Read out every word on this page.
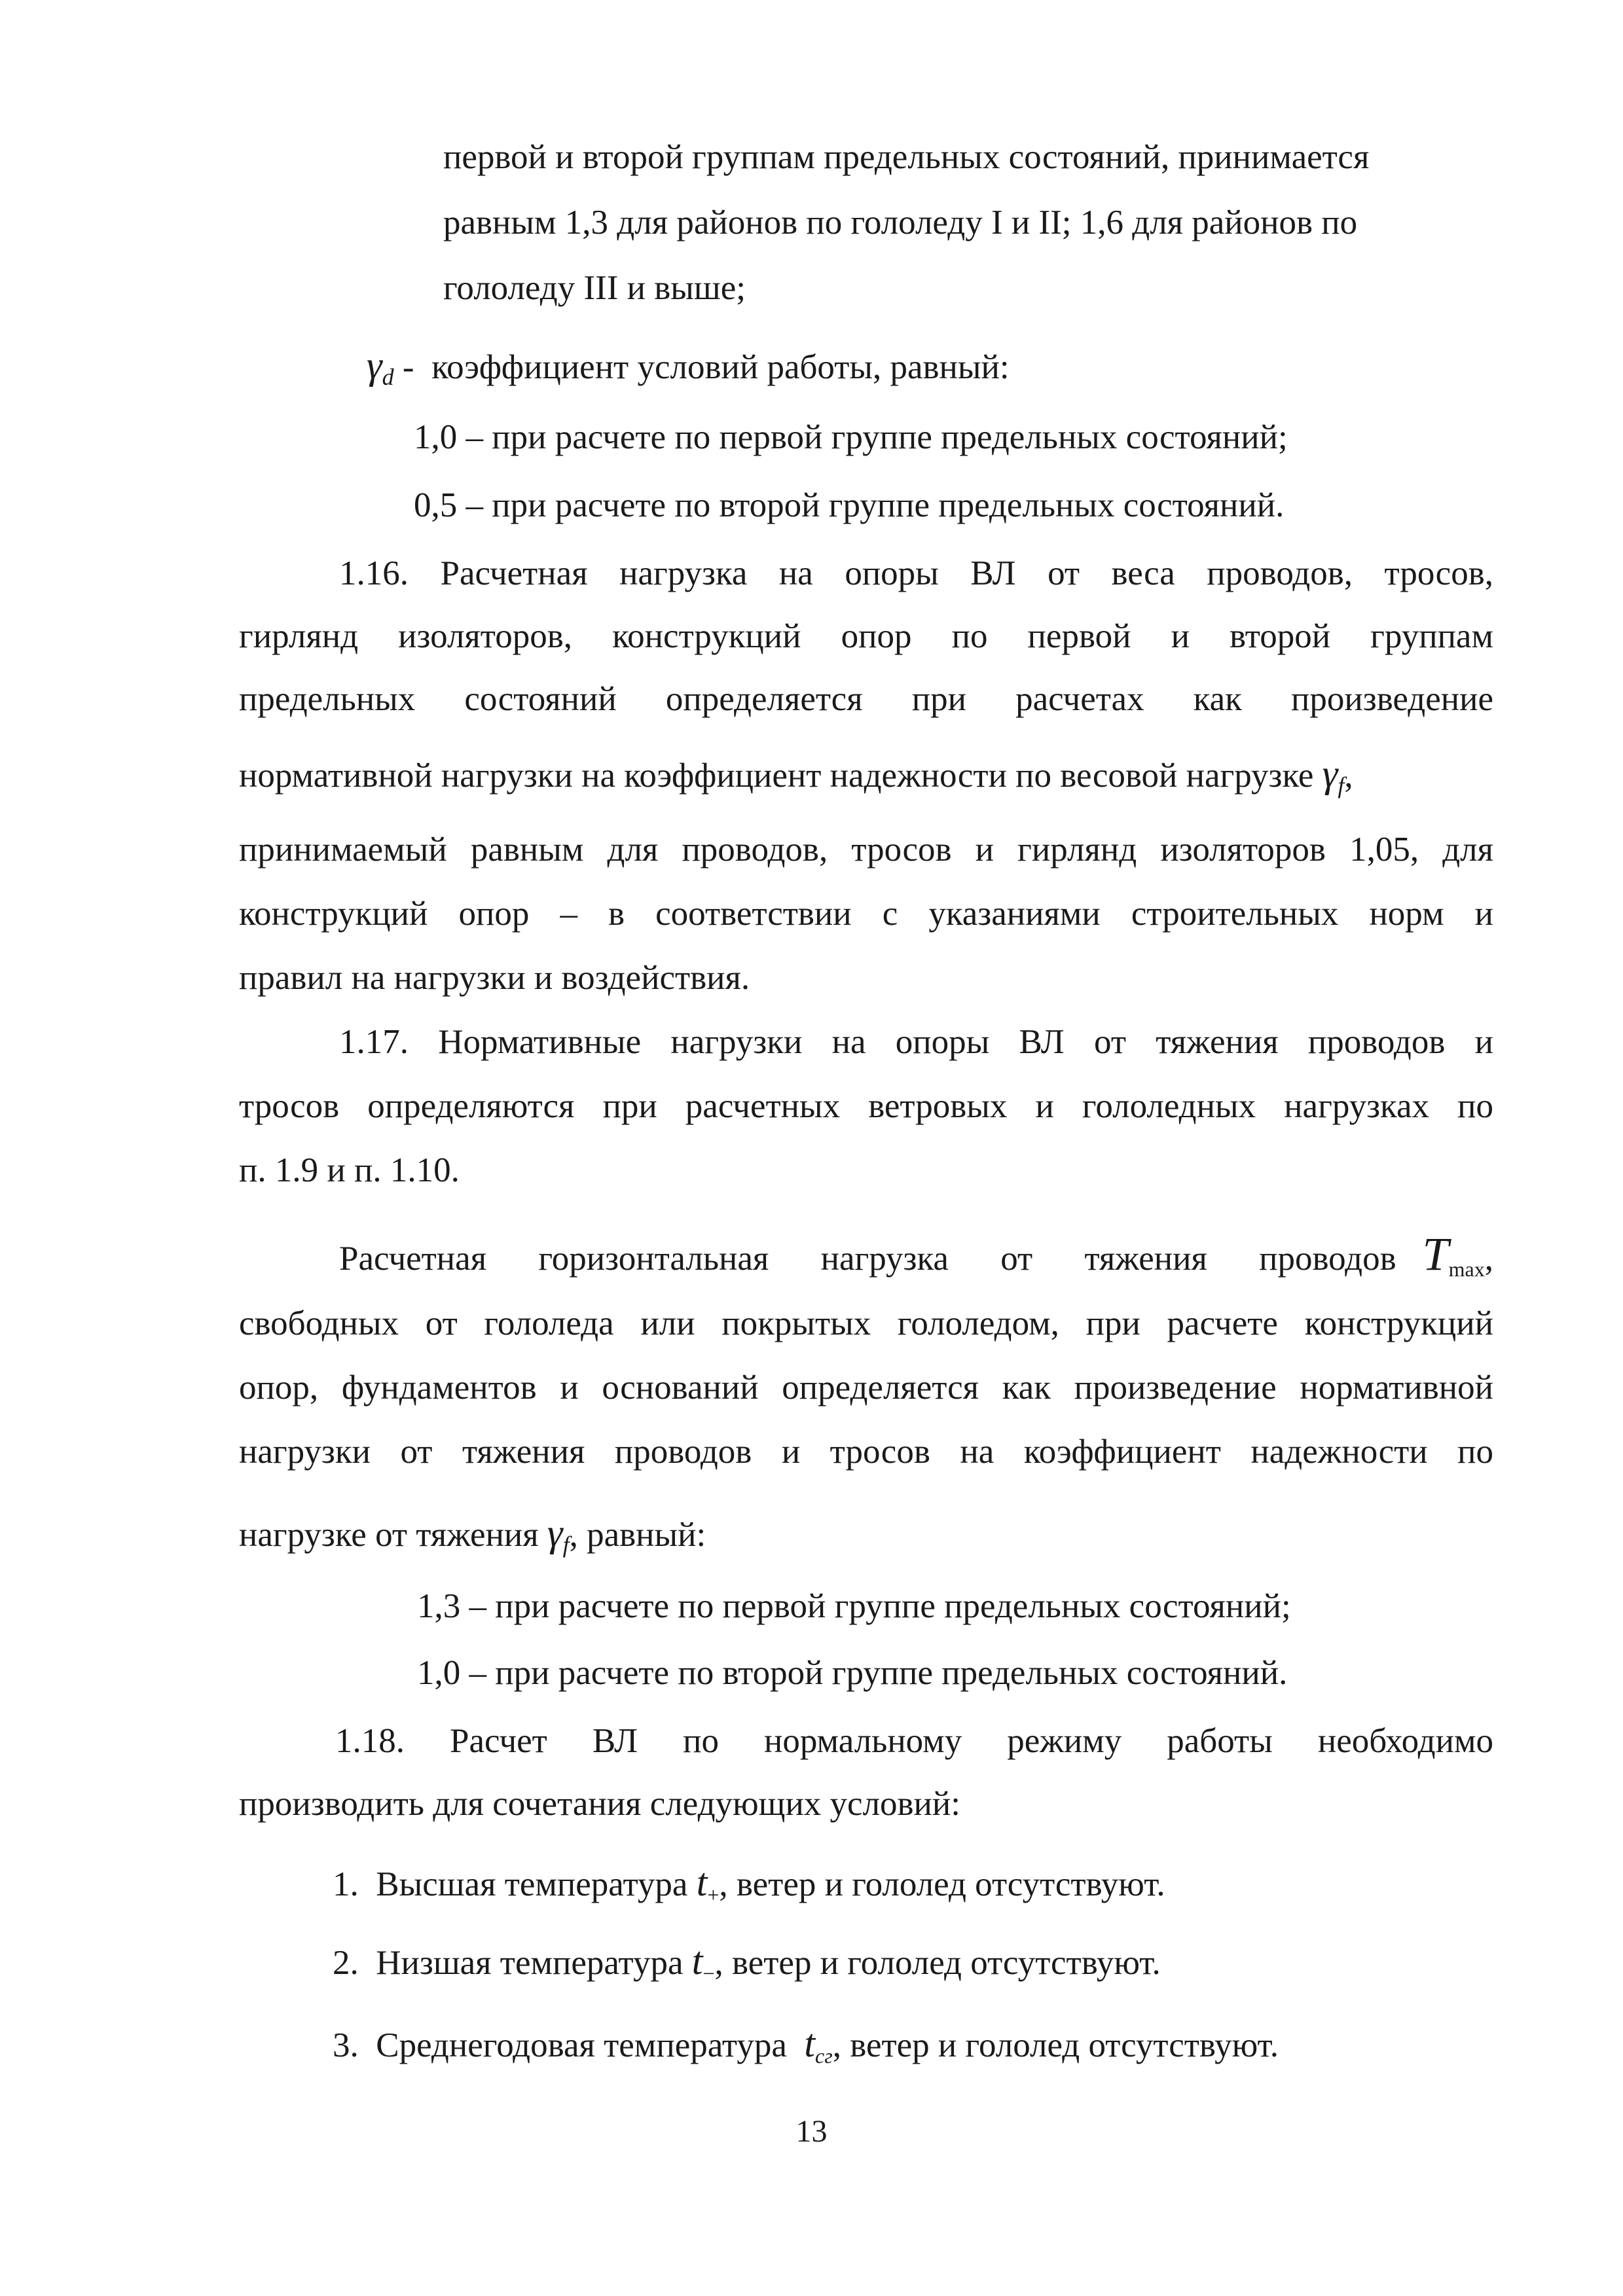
первой и второй группам предельных состояний, принимается
равным 1,3 для районов по гололеду I и II; 1,6 для районов по
гололеду III и выше;
$\gamma_d$ - коэффициент условий работы, равный:
1,0 – при расчете по первой группе предельных состояний;
0,5 – при расчете по второй группе предельных состояний.
1.16. Расчетная нагрузка на опоры ВЛ от веса проводов, тросов,
гирлянд изоляторов, конструкций опор по первой и второй группам
предельных состояний определяется при расчетах как произведение
нормативной нагрузки на коэффициент надежности по весовой нагрузке $\gamma_f$,
принимаемый равным для проводов, тросов и гирлянд изоляторов 1,05, для
конструкций опор – в соответствии с указаниями строительных норм и
правил на нагрузки и воздействия.
1.17. Нормативные нагрузки на опоры ВЛ от тяжения проводов и
тросов определяются при расчетных ветровых и гололедных нагрузках по
п. 1.9 и п. 1.10.
Расчетная горизонтальная нагрузка от тяжения проводов Tmax,
свободных от гололеда или покрытых гололедом, при расчете конструкций
опор, фундаментов и оснований определяется как произведение нормативной
нагрузки от тяжения проводов и тросов на коэффициент надежности по
нагрузке от тяжения $\gamma_f$, равный:
1,3 – при расчете по первой группе предельных состояний;
1,0 – при расчете по второй группе предельных состояний.
1.18. Расчет ВЛ по нормальному режиму работы необходимо
производить для сочетания следующих условий:
1. Высшая температура t+, ветер и гололед отсутствуют.
2. Низшая температура t−, ветер и гололед отсутствуют.
3. Среднегодовая температура tсг, ветер и гололед отсутствуют.
13
